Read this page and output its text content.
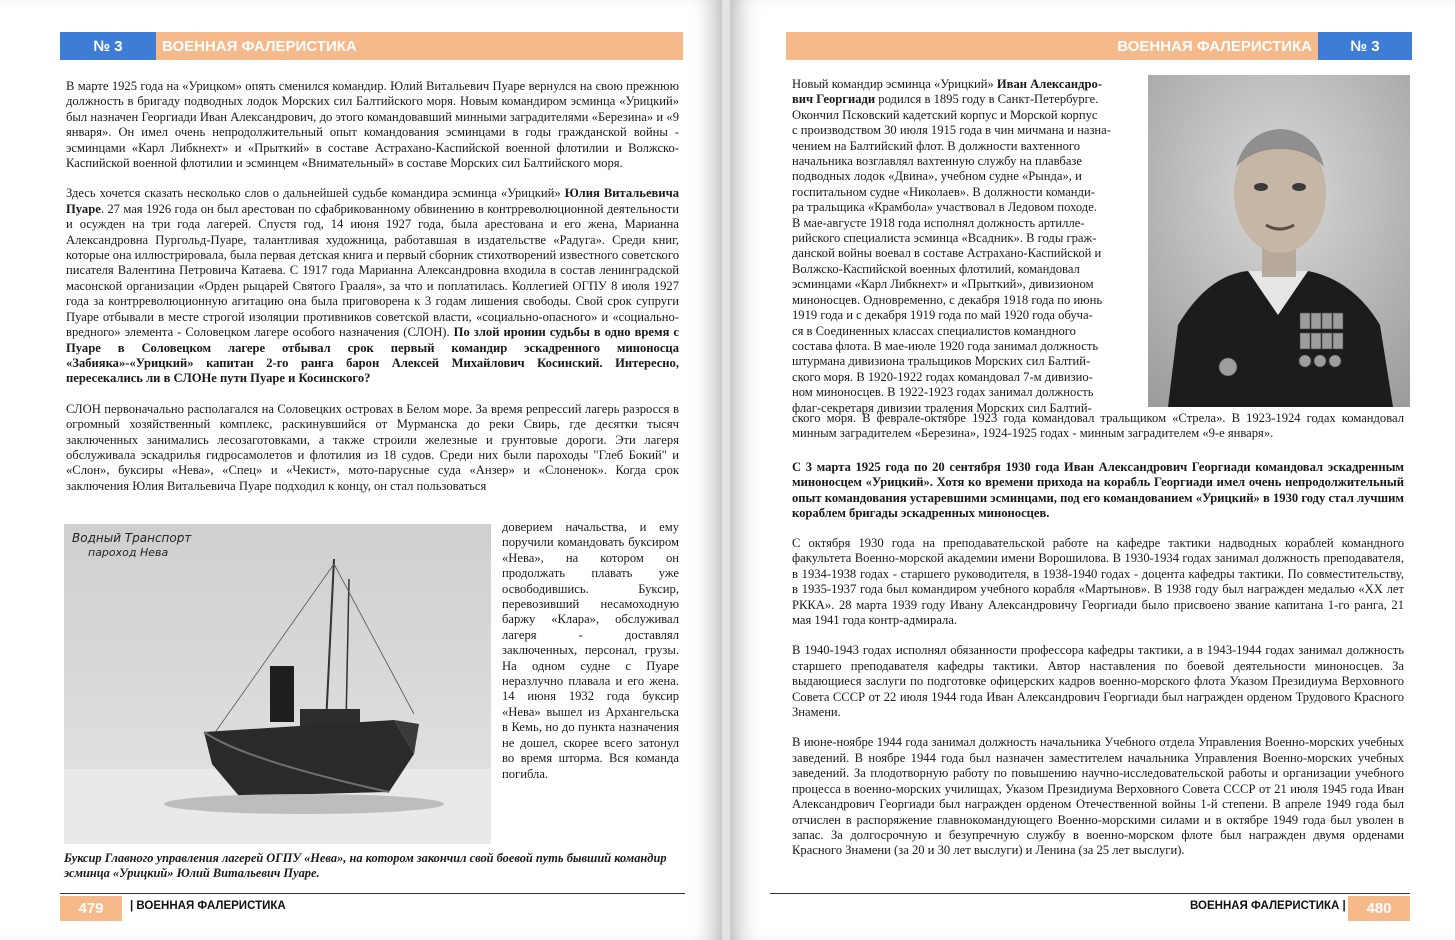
№ 3	ВОЕННАЯ ФАЛЕРИСТИКА

В марте 1925 года на «Урицком» опять сменился командир. Юлий Витальевич Пуаре вернулся на свою прежнюю должность в бригаду подводных лодок Морских сил Балтийского моря. Новым командиром эсминца «Урицкий» был назначен Георгиади Иван Александрович, до этого командовавший минными заградителями «Березина» и «9 января». Он имел очень непродолжительный опыт командования эсминцами в годы гражданской войны - эсминцами «Карл Либкнехт» и «Прыткий» в составе Астрахано-Каспийской военной флотилии и Волжско-Каспийской военной флотилии и эсминцем «Внимательный» в составе Морских сил Балтийского моря.

Здесь хочется сказать несколько слов о дальнейшей судьбе командира эсминца «Урицкий» Юлия Витальевича Пуаре. 27 мая 1926 года он был арестован по сфабрикованному обвинению в контрреволюционной деятельности и осужден на три года лагерей. Спустя год, 14 июня 1927 года, была арестована и его жена, Марианна Александровна Пургольд-Пуаре, талантливая художница, работавшая в издательстве «Радуга». Среди книг, которые она иллюстрировала, была первая детская книга и первый сборник стихотворений известного советского писателя Валентина Петровича Катаева. С 1917 года Марианна Александровна входила в состав ленинградской масонской организации «Орден рыцарей Святого Грааля», за что и поплатилась. Коллегией ОГПУ 8 июля 1927 года за контрреволюционную агитацию она была приговорена к 3 годам лишения свободы. Свой срок супруги Пуаре отбывали в месте строгой изоляции противников советской власти, «социально-опасного» и «социально-вредного» элемента - Соловецком лагере особого назначения (СЛОН). По злой иронии судьбы в одно время с Пуаре в Соловецком лагере отбывал срок первый командир эскадренного миноносца «Забияка»-«Урицкий» капитан 2-го ранга барон Алексей Михайлович Косинский. Интересно, пересекались ли в СЛОНе пути Пуаре и Косинского?

СЛОН первоначально располагался на Соловецких островах в Белом море. За время репрессий лагерь разросся в огромный хозяйственный комплекс, раскинувшийся от Мурманска до реки Свирь, где десятки тысяч заключенных занимались лесозаготовками, а также строили железные и грунтовые дороги. Эти лагеря обслуживала эскадрилья гидросамолетов и флотилия из 18 судов. Среди них были пароходы "Глеб Бокий" и «Слон», буксиры «Нева», «Спец» и «Чекист», мото-парусные суда «Анзер» и «Слоненок». Когда срок заключения Юлия Витальевича Пуаре подходил к концу, он стал пользоваться

Водный Транспорт
пароход Нева

доверием начальства, и ему поручили командовать буксиром «Нева», на котором он продолжать плавать уже освободившись. Буксир, перевозивший несамоходную баржу «Клара», обслуживал лагеря - доставлял заключенных, персонал, грузы. На одном судне с Пуаре неразлучно плавала и его жена. 14 июня 1932 года буксир «Нева» вышел из Архангельска в Кемь, но до пункта назначения не дошел, скорее всего затонул во время шторма. Вся команда погибла.

Буксир Главного управления лагерей ОГПУ «Нева», на котором закончил свой боевой путь бывший командир эсминца «Урицкий» Юлий Витальевич Пуаре.
479	| ВОЕННАЯ ФАЛЕРИСТИКА
ВОЕННАЯ ФАЛЕРИСТИКА	№ 3
Новый командир эсминца «Урицкий» Иван Александро-
вич Георгиади родился в 1895 году в Санкт-Петербурге.
Окончил Псковский кадетский корпус и Морской корпус
с производством 30 июля 1915 года в чин мичмана и назна-
чением на Балтийский флот. В должности вахтенного
начальника возглавлял вахтенную службу на плавбазе
подводных лодок «Двина», учебном судне «Рында», и
госпитальном судне «Николаев». В должности команди-
ра тральщика «Крамбола» участвовал в Ледовом походе.
В мае-августе 1918 года исполнял должность артилле-
рийского специалиста эсминца «Всадник». В годы граж-
данской войны воевал в составе Астрахано-Каспийской и
Волжско-Каспийской военных флотилий, командовал
эсминцами «Карл Либкнехт» и «Прыткий», дивизионом
миноносцев. Одновременно, с декабря 1918 года по июнь
1919 года и с декабря 1919 года по май 1920 года обуча-
ся в Соединенных классах специалистов командного
состава флота. В мае-июле 1920 года занимал должность
штурмана дивизиона тральщиков Морских сил Балтий-
ского моря. В 1920-1922 годах командовал 7-м дивизио-
ном миноносцев. В 1922-1923 годах занимал должность
флаг-секретаря дивизии траления Морских сил Балтий-

ского моря. В феврале-октябре 1923 года командовал тральщиком «Стрела». В 1923-1924 годах командовал минным заградителем «Березина», 1924-1925 годах - минным заградителем «9-е января».

С 3 марта 1925 года по 20 сентября 1930 года Иван Александрович Георгиади командовал эскадренным миноносцем «Урицкий». Хотя ко времени прихода на корабль Георгиади имел очень непродолжительный опыт командования устаревшими эсминцами, под его командованием «Урицкий» в 1930 году стал лучшим кораблем бригады эскадренных миноносцев.

С октября 1930 года на преподавательской работе на кафедре тактики надводных кораблей командного факультета Военно-морской академии имени Ворошилова. В 1930-1934 годах занимал должность преподавателя, в 1934-1938 годах - старшего руководителя, в 1938-1940 годах - доцента кафедры тактики. По совместительству, в 1935-1937 года был командиром учебного корабля «Мартынов». В 1938 году был награжден медалью «XX лет РККА». 28 марта 1939 году Ивану Александровичу Георгиади было присвоено звание капитана 1-го ранга, 21 мая 1941 года контр-адмирала.

В 1940-1943 годах исполнял обязанности профессора кафедры тактики, а в 1943-1944 годах занимал должность старшего преподавателя кафедры тактики. Автор наставления по боевой деятельности миноносцев. За выдающиеся заслуги по подготовке офицерских кадров военно-морского флота Указом Президиума Верховного Совета СССР от 22 июля 1944 года Иван Александрович Георгиади был награжден орденом Трудового Красного Знамени.

В июне-ноябре 1944 года занимал должность начальника Учебного отдела Управления Военно-морских учебных заведений. В ноябре 1944 года был назначен заместителем начальника Управления Военно-морских учебных заведений. За плодотворную работу по повышению научно-исследовательской работы и организации учебного процесса в военно-морских училищах, Указом Президиума Верховного Совета СССР от 21 июля 1945 года Иван Александрович Георгиади был награжден орденом Отечественной войны 1-й степени. В апреле 1949 года был отчислен в распоряжение главнокомандующего Военно-морскими силами и в октябре 1949 года был уволен в запас. За долгосрочную и безупречную службу в военно-морском флоте был награжден двумя орденами Красного Знамени (за 20 и 30 лет выслуги) и Ленина (за 25 лет выслуги).

ВОЕННАЯ ФАЛЕРИСТИКА |	480
